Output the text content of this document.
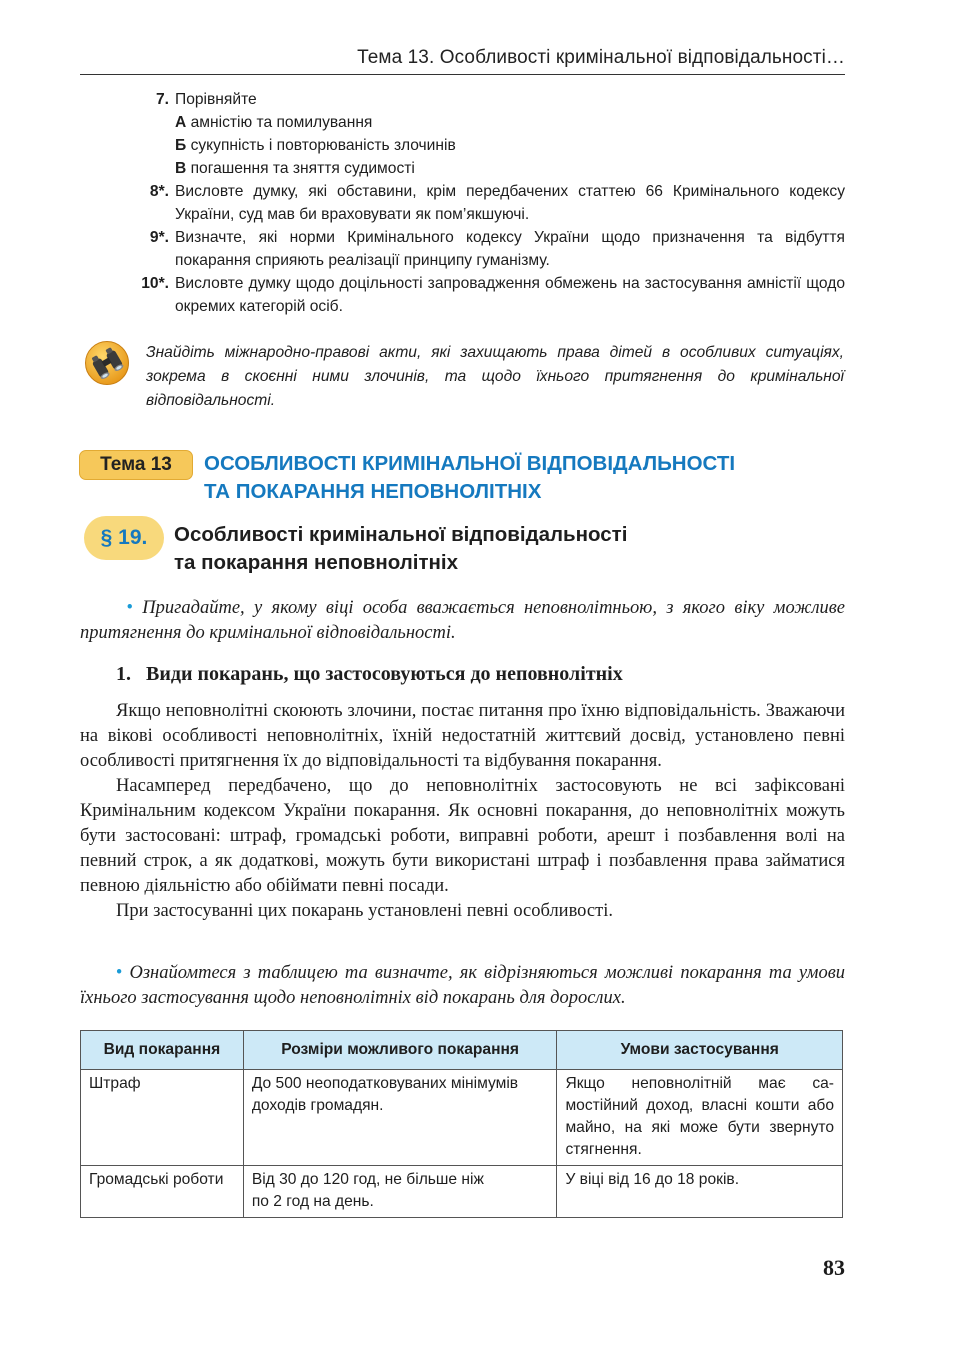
Тема 13. Особливості кримінальної відповідальності…
7. Порівняйте
А амністію та помилування
Б сукупність і повторюваність злочинів
В погашення та зняття судимості
8*. Висловте думку, які обставини, крім передбачених статтею 66 Кримінального кодексу України, суд мав би враховувати як пом’якшуючі.
9*. Визначте, які норми Кримінального кодексу України щодо призначення та відбуття покарання сприяють реалізації принципу гуманізму.
10*. Висловте думку щодо доцільності запровадження обмежень на застосування амністії щодо окремих категорій осіб.
Знайдіть міжнародно-правові акти, які захищають права дітей в особливих ситуаціях, зокрема в скоєнні ними злочинів, та щодо їхнього притягнення до кримінальної відповідальності.
Тема 13	ОСОБЛИВОСТІ КРИМІНАЛЬНОЇ ВІДПОВІДАЛЬНОСТІ
ТА ПОКАРАННЯ НЕПОВНОЛІТНІХ
§ 19.	Особливості кримінальної відповідальності
та покарання неповнолітніх
• Пригадайте, у якому віці особа вважається неповнолітньою, з якого віку можливе притягнення до кримінальної відповідальності.
1. Види покарань, що застосовуються до неповнолітніх

Якщо неповнолітні скоюють злочини, постає питання про їхню відповідальність. Зважаючи на вікові особливості неповнолітніх, їхній недостатній життєвий досвід, установлено певні особливості притягнення їх до відповідальності та відбування покарання.

Насамперед передбачено, що до неповнолітніх застосовують не всі зафіксовані Кримінальним кодексом України покарання. Як основні покарання, до неповнолітніх можуть бути застосовані: штраф, громадські роботи, виправні роботи, арешт і позбавлення волі на певний строк, а як додаткові, можуть бути використані штраф і позбавлення права займатися певною діяльністю або обіймати певні посади.

При застосуванні цих покарань установлені певні особливості.

• Ознайомтеся з таблицею та визначте, як відрізняються можливі покарання та умови їхнього застосування щодо неповнолітніх від покарань для дорослих.
Вид покарання	Розміри можливого покарання	Умови застосування
Штраф	До 500 неоподатковуваних мінімумів доходів громадян.	Якщо неповнолітній має самостійний доход, власні кошти або майно, на які може бути звернуто стягнення.
Громадські роботи	Від 30 до 120 год, не більше ніж по 2 год на день.	У віці від 16 до 18 років.
83
